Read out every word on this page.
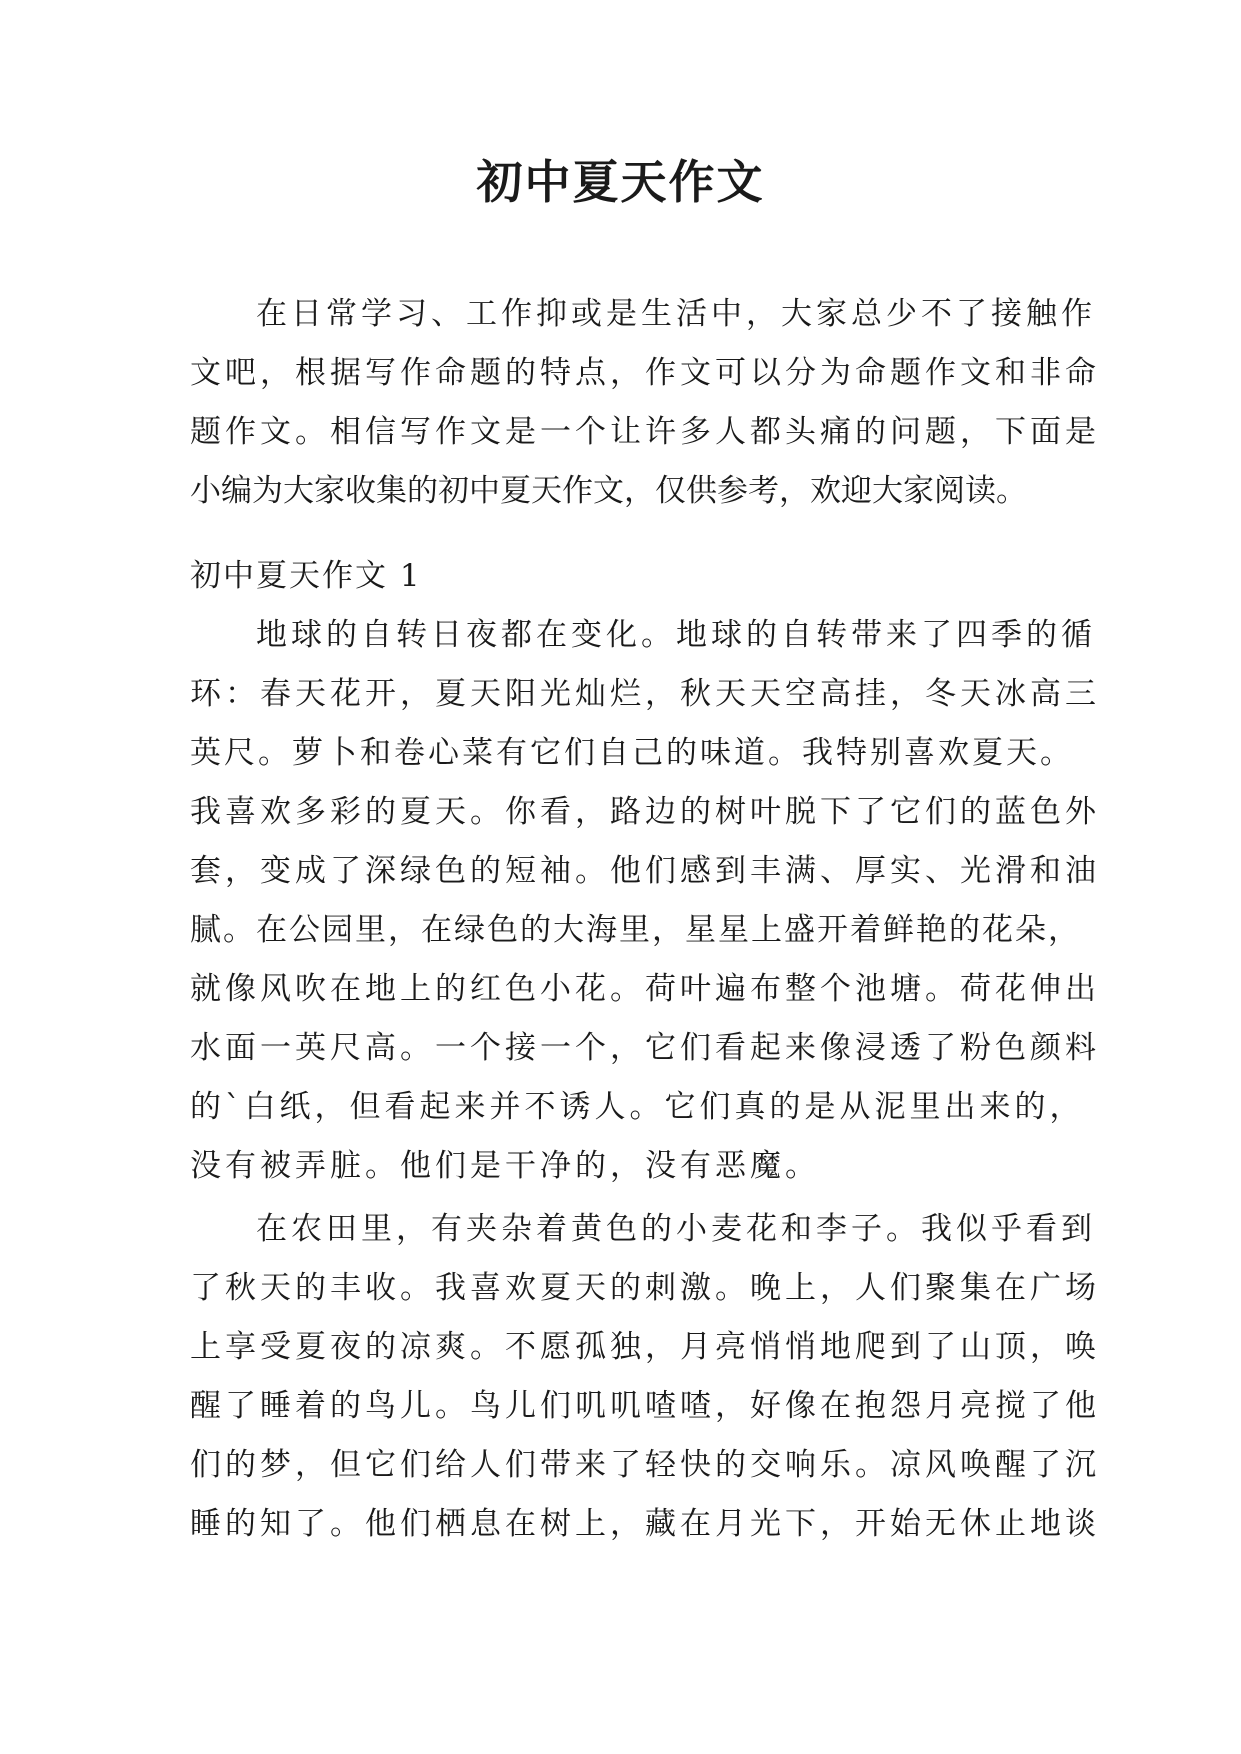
初中夏天作文

在日常学习、工作抑或是生活中，大家总少不了接触作
文吧，根据写作命题的特点，作文可以分为命题作文和非命
题作文。相信写作文是一个让许多人都头痛的问题，下面是
小编为大家收集的初中夏天作文，仅供参考，欢迎大家阅读。

初中夏天作文 1

地球的自转日夜都在变化。地球的自转带来了四季的循
环：春天花开，夏天阳光灿烂，秋天天空高挂，冬天冰高三
英尺。萝卜和卷心菜有它们自己的味道。我特别喜欢夏天。
我喜欢多彩的夏天。你看，路边的树叶脱下了它们的蓝色外
套，变成了深绿色的短袖。他们感到丰满、厚实、光滑和油
腻。在公园里，在绿色的大海里，星星上盛开着鲜艳的花朵，
就像风吹在地上的红色小花。荷叶遍布整个池塘。荷花伸出
水面一英尺高。一个接一个，它们看起来像浸透了粉色颜料
的`白纸，但看起来并不诱人。它们真的是从泥里出来的，
没有被弄脏。他们是干净的，没有恶魔。

在农田里，有夹杂着黄色的小麦花和李子。我似乎看到
了秋天的丰收。我喜欢夏天的刺激。晚上，人们聚集在广场
上享受夏夜的凉爽。不愿孤独，月亮悄悄地爬到了山顶，唤
醒了睡着的鸟儿。鸟儿们叽叽喳喳，好像在抱怨月亮搅了他
们的梦，但它们给人们带来了轻快的交响乐。凉风唤醒了沉
睡的知了。他们栖息在树上，藏在月光下，开始无休止地谈
